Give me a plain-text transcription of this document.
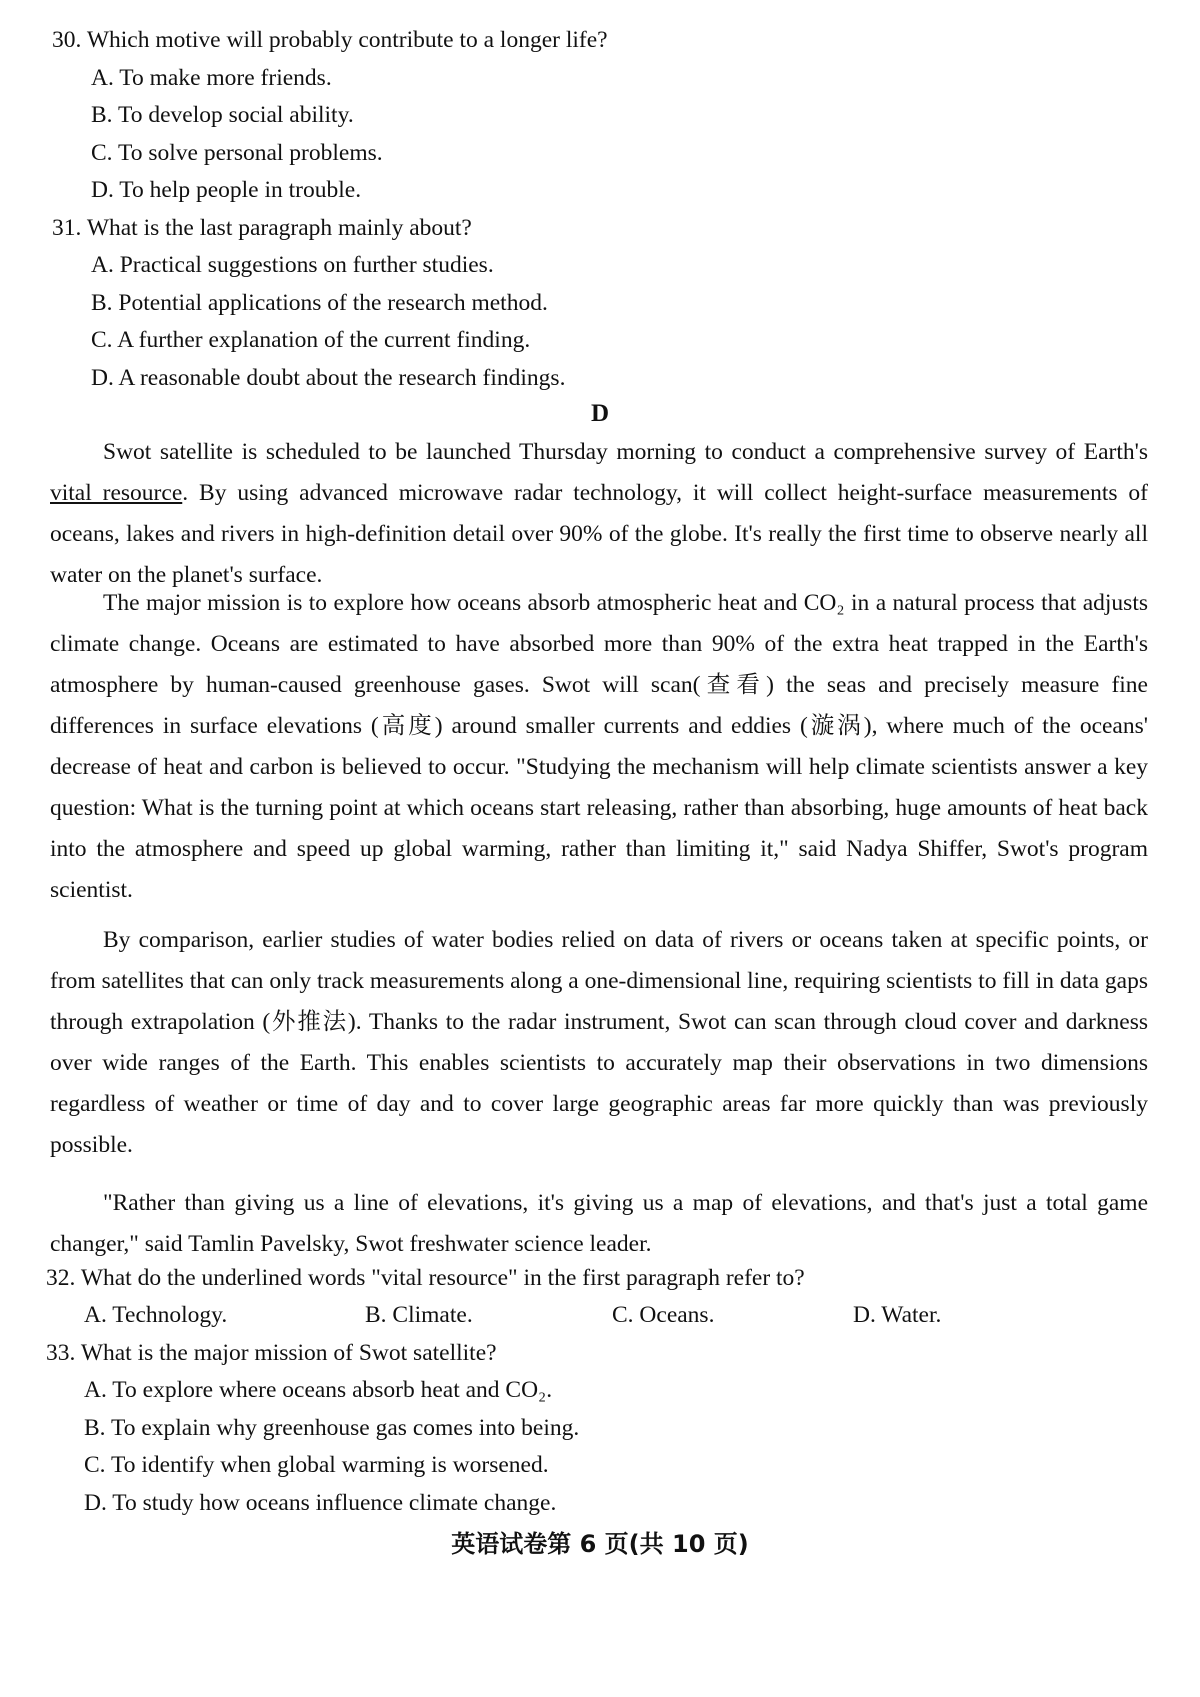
30. Which motive will probably contribute to a longer life?
A. To make more friends.
B. To develop social ability.
C. To solve personal problems.
D. To help people in trouble.
31. What is the last paragraph mainly about?
A. Practical suggestions on further studies.
B. Potential applications of the research method.
C. A further explanation of the current finding.
D. A reasonable doubt about the research findings.
D

Swot satellite is scheduled to be launched Thursday morning to conduct a comprehensive survey of Earth's vital resource. By using advanced microwave radar technology, it will collect height-surface measurements of oceans, lakes and rivers in high-definition detail over 90% of the globe. It's really the first time to observe nearly all water on the planet's surface.

The major mission is to explore how oceans absorb atmospheric heat and CO₂ in a natural process that adjusts climate change. Oceans are estimated to have absorbed more than 90% of the extra heat trapped in the Earth's atmosphere by human-caused greenhouse gases. Swot will scan(查看) the seas and precisely measure fine differences in surface elevations (高度) around smaller currents and eddies (漩涡), where much of the oceans' decrease of heat and carbon is believed to occur. "Studying the mechanism will help climate scientists answer a key question: What is the turning point at which oceans start releasing, rather than absorbing, huge amounts of heat back into the atmosphere and speed up global warming, rather than limiting it," said Nadya Shiffer, Swot's program scientist.

By comparison, earlier studies of water bodies relied on data of rivers or oceans taken at specific points, or from satellites that can only track measurements along a one-dimensional line, requiring scientists to fill in data gaps through extrapolation (外推法). Thanks to the radar instrument, Swot can scan through cloud cover and darkness over wide ranges of the Earth. This enables scientists to accurately map their observations in two dimensions regardless of weather or time of day and to cover large geographic areas far more quickly than was previously possible.

"Rather than giving us a line of elevations, it's giving us a map of elevations, and that's just a total game changer," said Tamlin Pavelsky, Swot freshwater science leader.

32. What do the underlined words "vital resource" in the first paragraph refer to?
A. Technology.	B. Climate.	C. Oceans.	D. Water.
33. What is the major mission of Swot satellite?
A. To explore where oceans absorb heat and CO₂.
B. To explain why greenhouse gas comes into being.
C. To identify when global warming is worsened.
D. To study how oceans influence climate change.
英语试卷第 6 页(共 10 页)
